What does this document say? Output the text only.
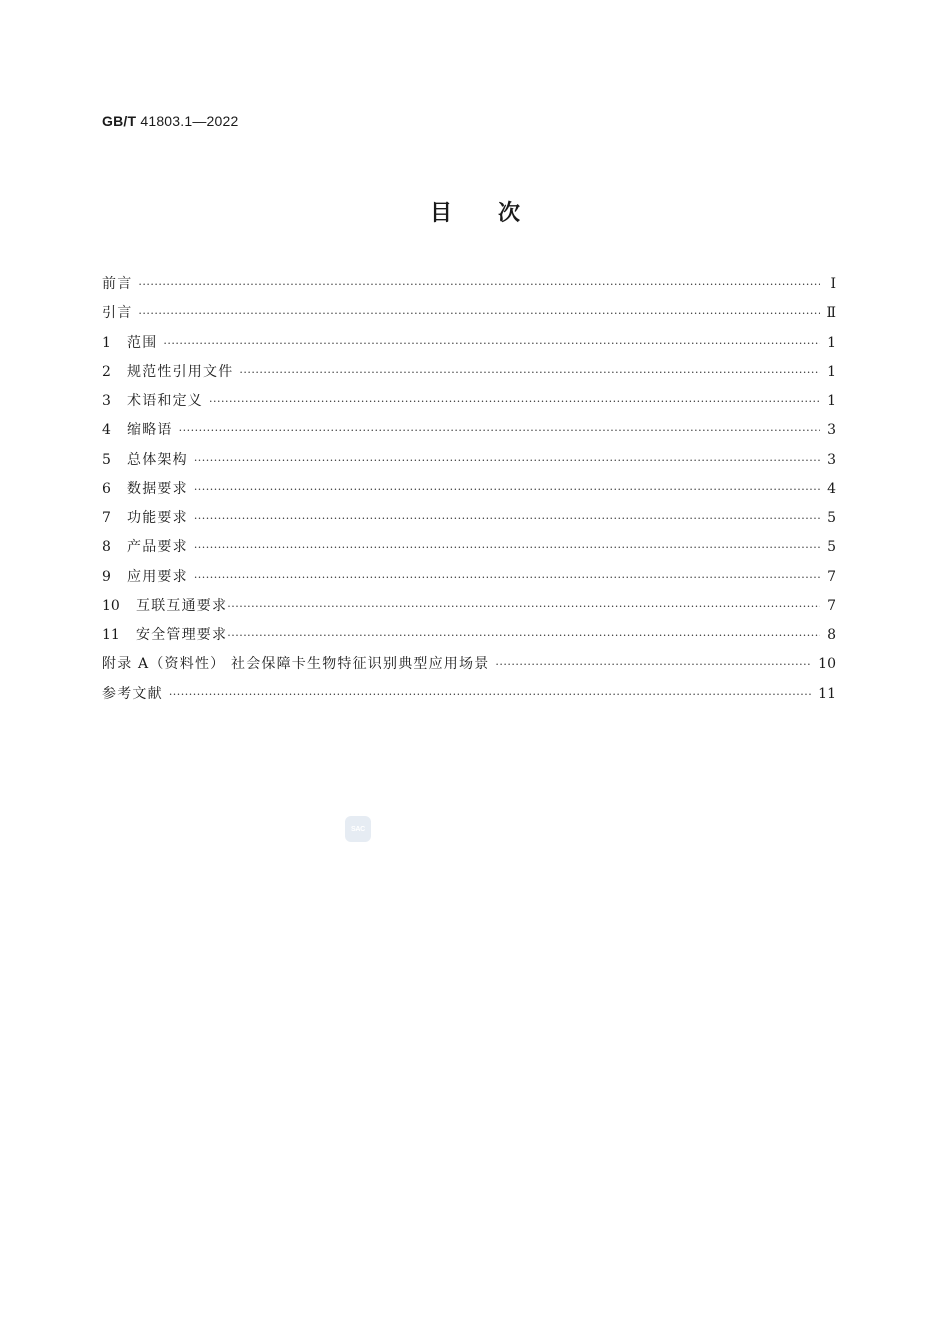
GB/T 41803.1—2022
目次
前言 ·····	Ⅰ
引言 ·····	Ⅱ
1	范围 ·····	1
2	规范性引用文件 ·····	1
3	术语和定义 ·····	1
4	缩略语 ·····	3
5	总体架构 ·····	3
6	数据要求 ·····	4
7	功能要求 ·····	5
8	产品要求 ·····	5
9	应用要求 ·····	7
10	互联互通要求 ·····	7
11	安全管理要求 ·····	8
附录 A（资料性） 社会保障卡生物特征识别典型应用场景 ·····	10
参考文献 ·····	11
SAC
